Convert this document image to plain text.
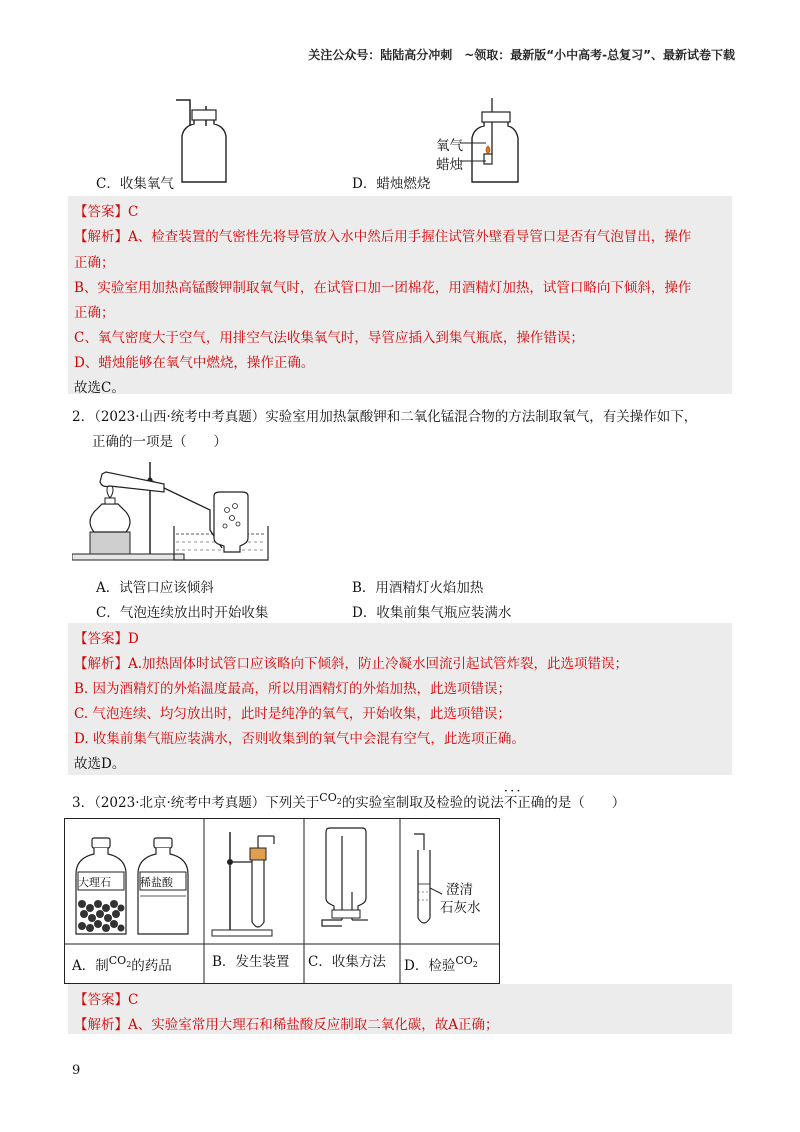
关注公众号：陆陆高分冲刺　~领取：最新版“小中高考-总复习”、最新试卷下载
氧气
蜡烛
C．收集氧气	D．蜡烛燃烧
【答案】C
【解析】A、检查装置的气密性先将导管放入水中然后用手握住试管外壁看导管口是否有气泡冒出，操作
正确；
B、实验室用加热高锰酸钾制取氧气时，在试管口加一团棉花，用酒精灯加热，试管口略向下倾斜，操作
正确；
C、氧气密度大于空气，用排空气法收集氧气时，导管应插入到集气瓶底，操作错误；
D、蜡烛能够在氧气中燃烧，操作正确。
故选C。
2．（2023·山西·统考中考真题）实验室用加热氯酸钾和二氧化锰混合物的方法制取氧气，有关操作如下，
正确的一项是（　　）
A．试管口应该倾斜	B．用酒精灯火焰加热
C．气泡连续放出时开始收集	D．收集前集气瓶应装满水
【答案】D
【解析】A.加热固体时试管口应该略向下倾斜，防止冷凝水回流引起试管炸裂，此选项错误；
B. 因为酒精灯的外焰温度最高，所以用酒精灯的外焰加热，此选项错误；
C. 气泡连续、均匀放出时，此时是纯净的氧气，开始收集，此选项错误；
D. 收集前集气瓶应装满水，否则收集到的氧气中会混有空气，此选项正确。
故选D。
3．（2023·北京·统考中考真题）下列关于$^{CO_2}$的实验室制取及检验的说法· · · 不正确的是（　　）
大理石	稀盐酸	澄清
石灰水
A．制$^{CO_2}$的药品	B．发生装置 C．收集方法 D．检验$^{CO_2}$
【答案】C
【解析】A、实验室常用大理石和稀盐酸反应制取二氧化碳，故A正确；
9
